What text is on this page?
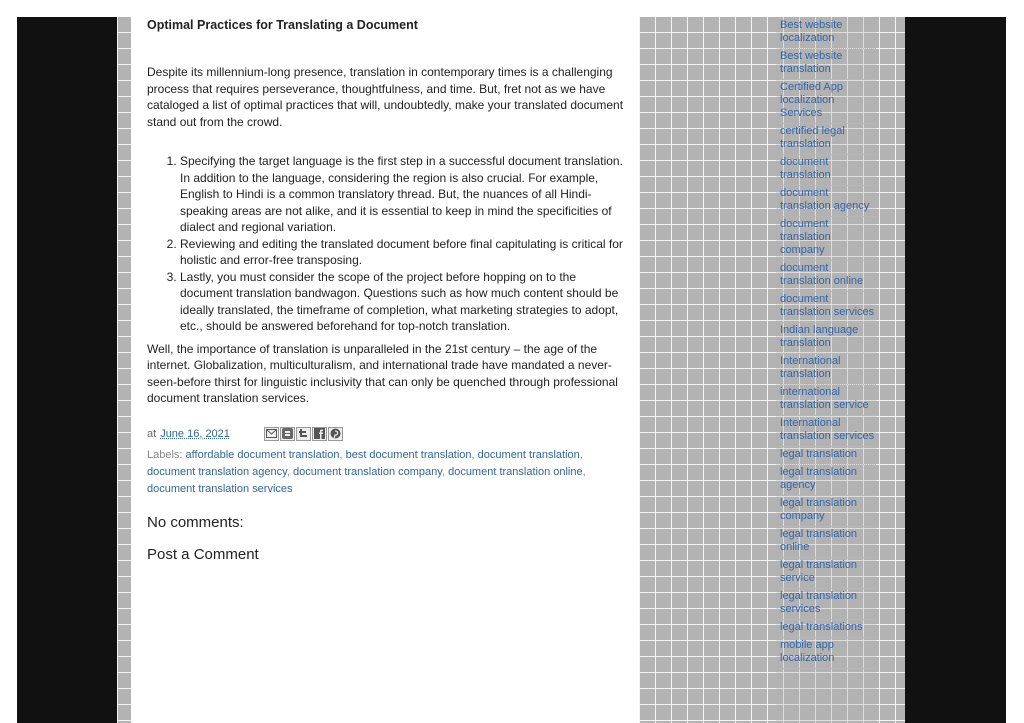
Optimal Practices for Translating a Document

Despite its millennium-long presence, translation in contemporary times is a challenging process that requires perseverance, thoughtfulness, and time. But, fret not as we have cataloged a list of optimal practices that will, undoubtedly, make your translated document stand out from the crowd.

1. Specifying the target language is the first step in a successful document translation. In addition to the language, considering the region is also crucial. For example, English to Hindi is a common translatory thread. But, the nuances of all Hindi-speaking areas are not alike, and it is essential to keep in mind the specificities of dialect and regional variation.
2. Reviewing and editing the translated document before final capitulating is critical for holistic and error-free transposing.
3. Lastly, you must consider the scope of the project before hopping on to the document translation bandwagon. Questions such as how much content should be ideally translated, the timeframe of completion, what marketing strategies to adopt, etc., should be answered beforehand for top-notch translation.

Well, the importance of translation is unparalleled in the 21st century – the age of the internet. Globalization, multiculturalism, and international trade have mandated a never-seen-before thirst for linguistic inclusivity that can only be quenched through professional document translation services.

at June 16, 2021
Labels: affordable document translation, best document translation, document translation, document translation agency, document translation company, document translation online, document translation services
No comments:
Post a Comment
Best website localization
Best website translation
Certified App localization Services
certified legal translation
document translation
document translation agency
document translation company
document translation online
document translation services
Indian language translation
International translation
international translation service
International translation services
legal translation
legal translation agency
legal translation company
legal translation online
legal translation service
legal translation services
legal translations
mobile app localization
